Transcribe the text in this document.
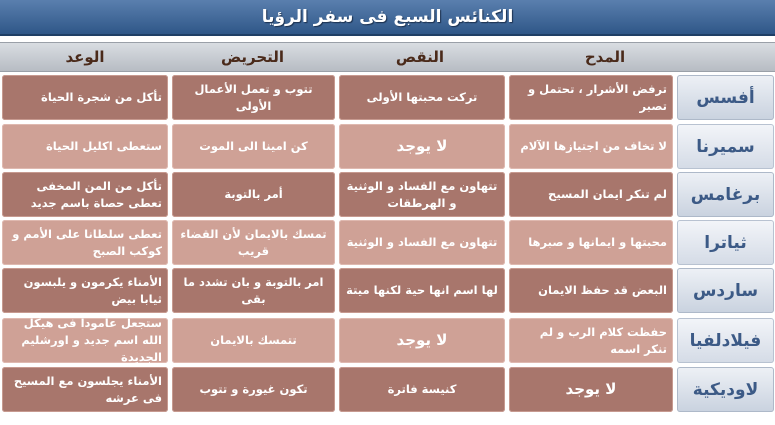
الكنائس السبع فى سفر الرؤيا
المدح
النقص
التحريض
الوعد
أفسس
ترفض الأشرار ، تحتمل و تصبر
تركت محبتها الأولى
تتوب و تعمل الأعمال الأولى
تأكل من شجرة الحياة
سميرنا
لا تخاف من اجتيازها الآلام
لا يوجد
كن امينا الى الموت
ستعطى اكليل الحياة
برغامس
لم تنكر ايمان المسيح
تتهاون مع الفساد و الوثنية و الهرطقات
أمر بالتوبة
تأكل من المن المخفى تعطى حصاة باسم جديد
ثياترا
محبتها و ايمانها و صبرها
تتهاون مع الفساد و الوثنية
تمسك بالايمان لأن القضاء قريب
تعطى سلطانا على الأمم و كوكب الصبح
ساردس
البعض قد حفظ الايمان
لها اسم انها حية لكنها ميتة
امر بالتوبة و بان تشدد ما بقى
الأمناء يكرمون و يلبسون ثيابا بيض
فيلادلفيا
حفظت كلام الرب و لم تنكر اسمه
لا يوجد
تتمسك بالايمان
ستجعل عامودا فى هيكل الله اسم جديد و اورشليم الجديدة
لاوديكية
لا يوجد
كنيسة فاترة
تكون غيورة و تتوب
الأمناء يجلسون مع المسيح فى عرشه
